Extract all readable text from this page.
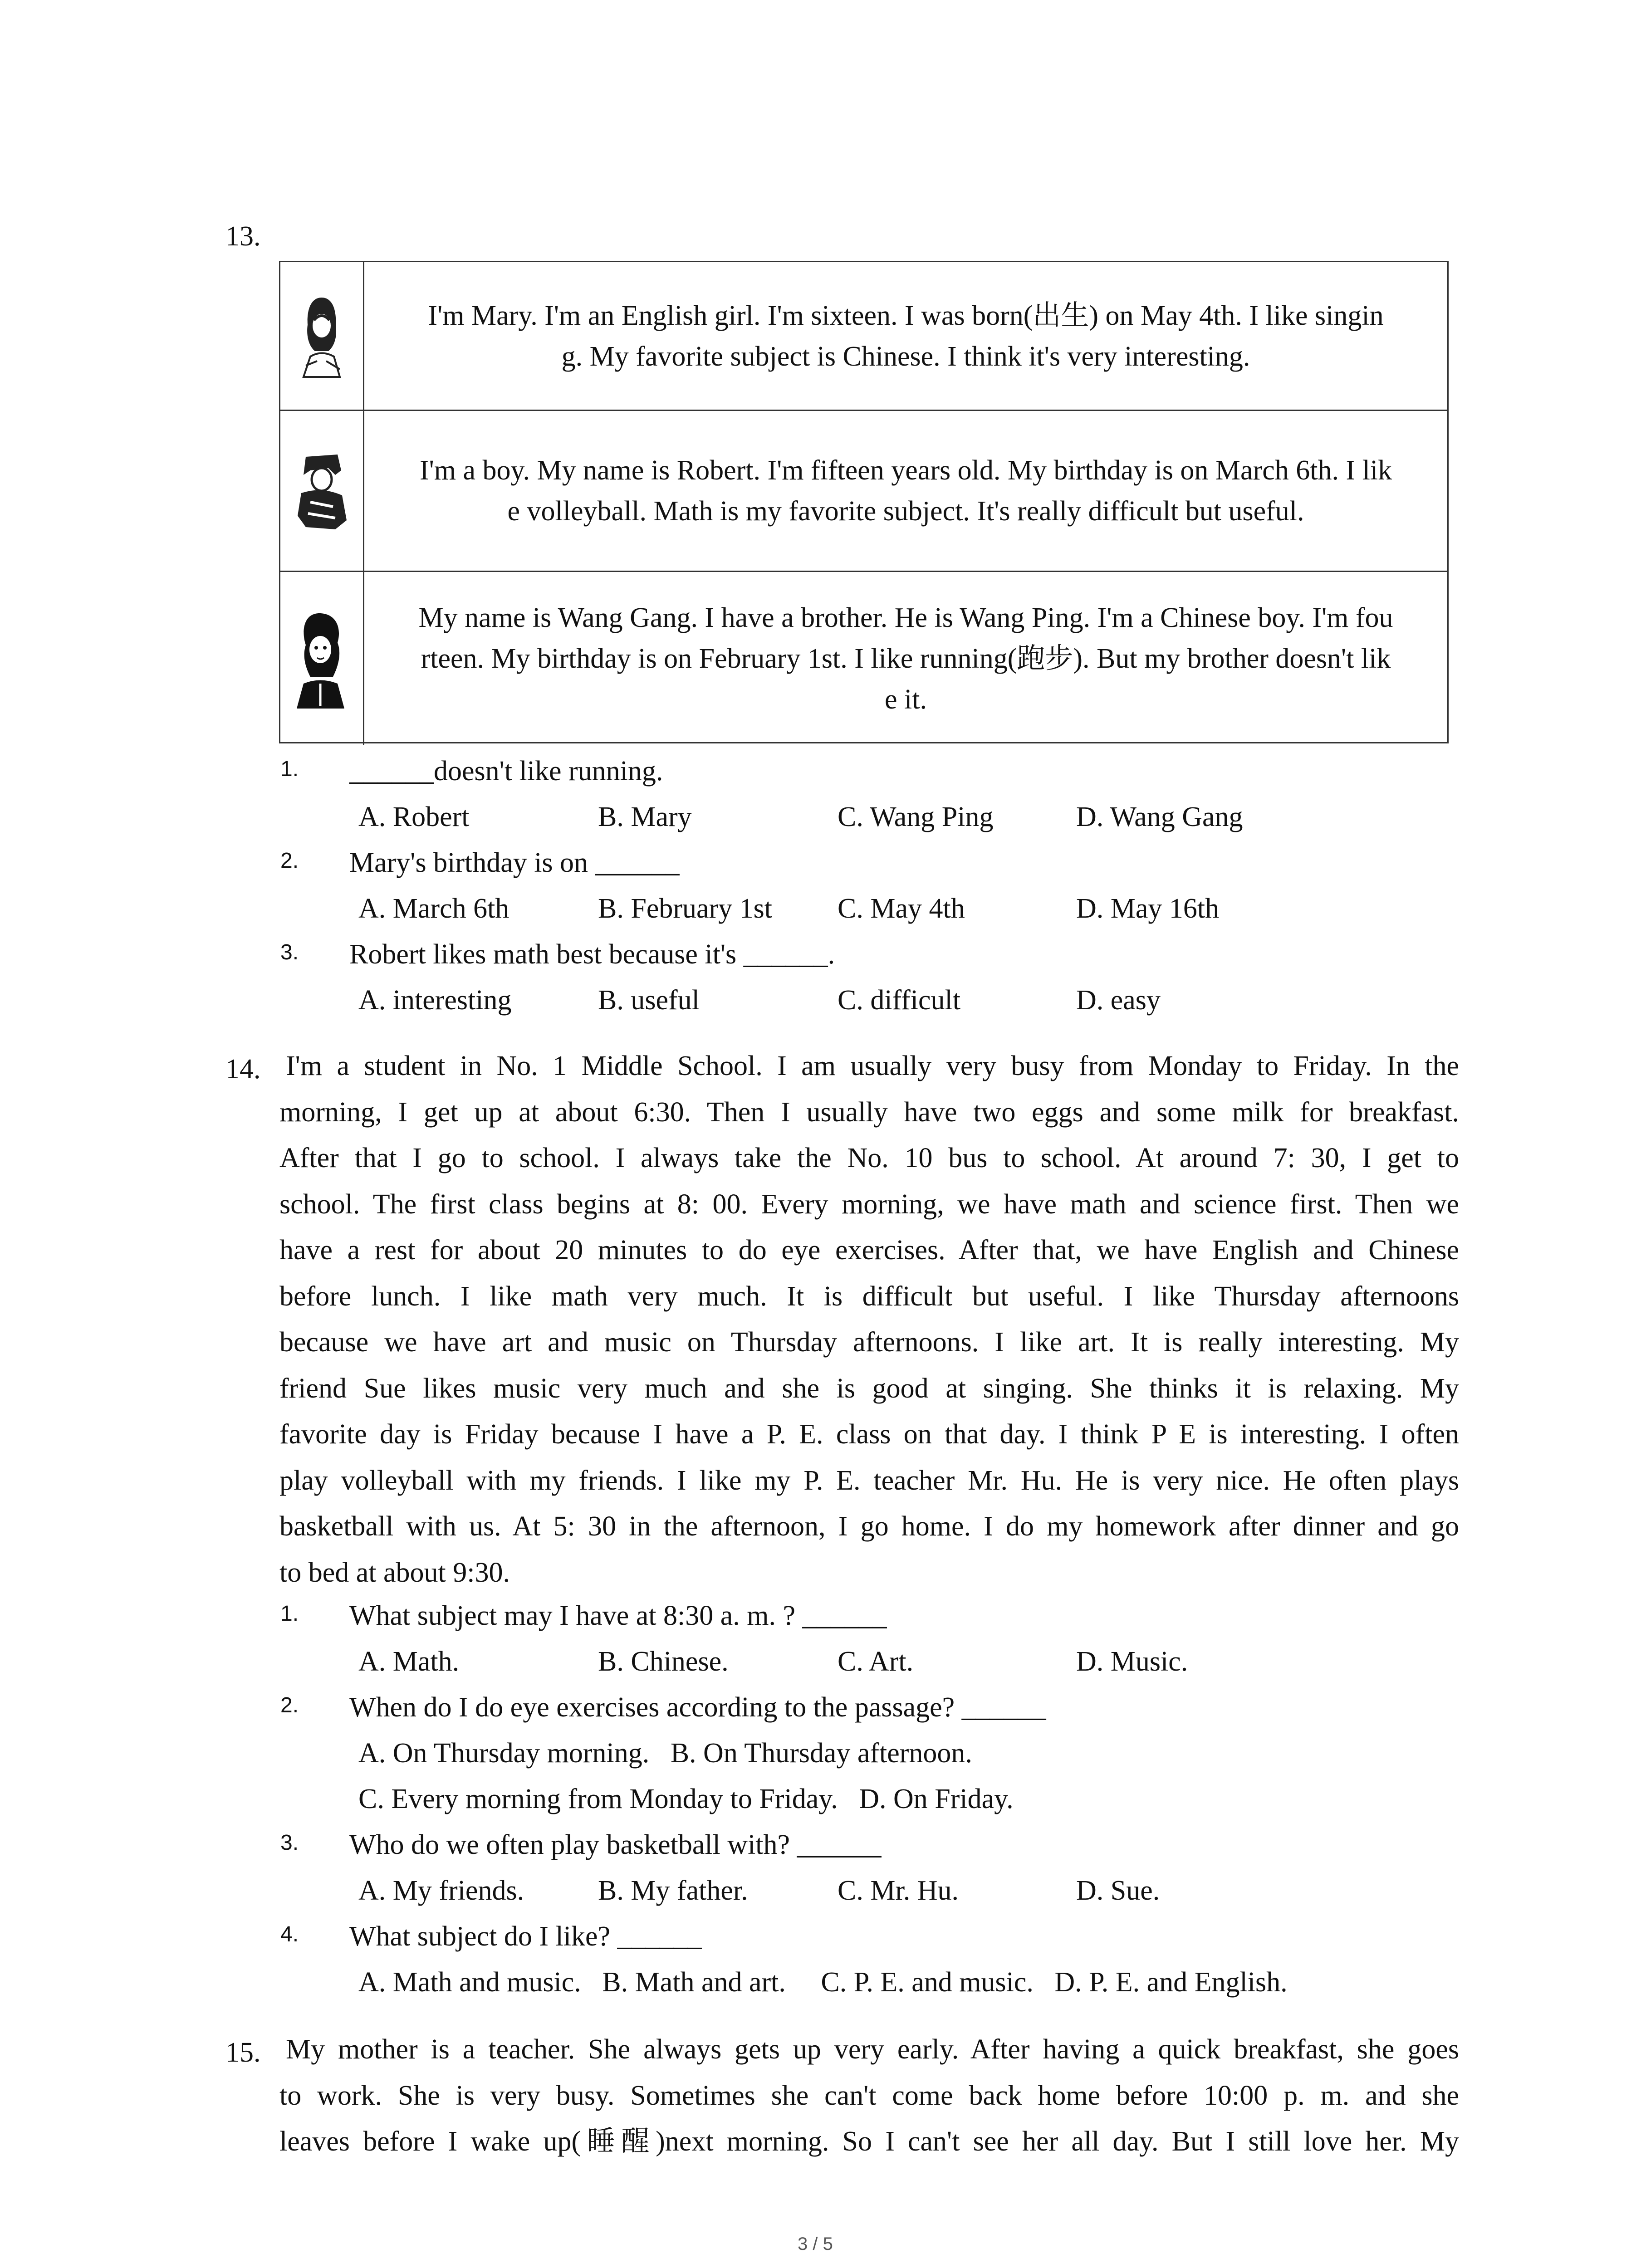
13.
I'm Mary. I'm an English girl. I'm sixteen. I was born(出生) on May 4th. I like singin
g. My favorite subject is Chinese. I think it's very interesting.
I'm a boy. My name is Robert. I'm fifteen years old. My birthday is on March 6th. I lik
e volleyball. Math is my favorite subject. It's really difficult but useful.
My name is Wang Gang. I have a brother. He is Wang Ping. I'm a Chinese boy. I'm fou
rteen. My birthday is on February 1st. I like running(跑步). But my brother doesn't lik
e it.
1. ______doesn't like running.
A. Robert	B. Mary	C. Wang Ping	D. Wang Gang
2. Mary's birthday is on ______
A. March 6th	B. February 1st C. May 4th	D. May 16th
3. Robert likes math best because it's ______.
A. interesting	B. useful	C. difficult	D. easy
14. I'm a student in No. 1 Middle School. I am usually very busy from Monday to Friday. In the
morning, I get up at about 6:30. Then I usually have two eggs and some milk for breakfast.
After that I go to school. I always take the No. 10 bus to school. At around 7: 30, I get to
school. The first class begins at 8: 00. Every morning, we have math and science first. Then we
have a rest for about 20 minutes to do eye exercises. After that, we have English and Chinese
before lunch. I like math very much. It is difficult but useful. I like Thursday afternoons
because we have art and music on Thursday afternoons. I like art. It is really interesting. My
friend Sue likes music very much and she is good at singing. She thinks it is relaxing. My
favorite day is Friday because I have a P. E. class on that day. I think P E is interesting. I often
play volleyball with my friends. I like my P. E. teacher Mr. Hu. He is very nice. He often plays
basketball with us. At 5: 30 in the afternoon, I go home. I do my homework after dinner and go
to bed at about 9:30.
1. What subject may I have at 8:30 a. m. ? ______
A. Math.	B. Chinese.	C. Art.	D. Music.
2. When do I do eye exercises according to the passage? ______
A. On Thursday morning.   B. On Thursday afternoon.
C. Every morning from Monday to Friday.   D. On Friday.
3. Who do we often play basketball with? ______
A. My friends.	B. My father.	C. Mr. Hu.	D. Sue.
4. What subject do I like? ______
A. Math and music.   B. Math and art.     C. P. E. and music.   D. P. E. and English.
15. My mother is a teacher. She always gets up very early. After having a quick breakfast, she goes
to work. She is very busy. Sometimes she can't come back home before 10:00 p. m. and she
leaves before I wake up(睡醒)next morning. So I can't see her all day. But I still love her. My
3 / 5
